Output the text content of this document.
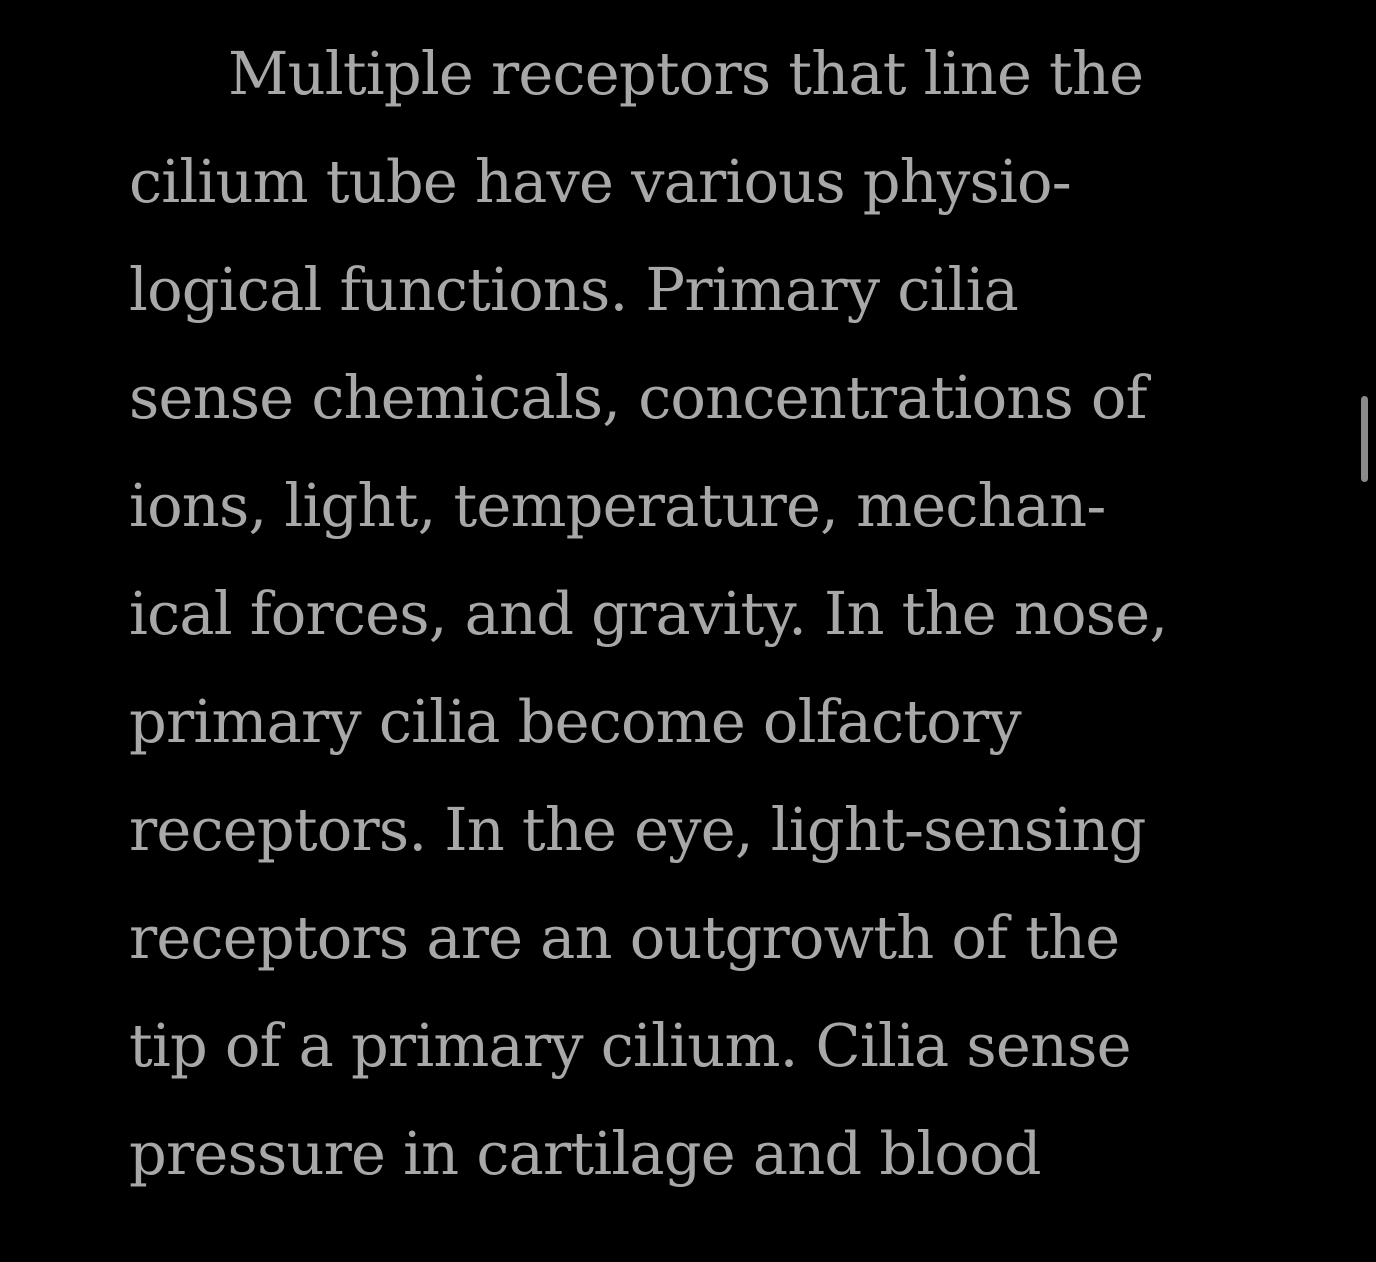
Multiple receptors that line the
cilium tube have various physio-
logical functions. Primary cilia
sense chemicals, concentrations of
ions, light, temperature, mechan-
ical forces, and gravity. In the nose,
primary cilia become olfactory
receptors. In the eye, light-sensing
receptors are an outgrowth of the
tip of a primary cilium. Cilia sense
pressure in cartilage and blood
